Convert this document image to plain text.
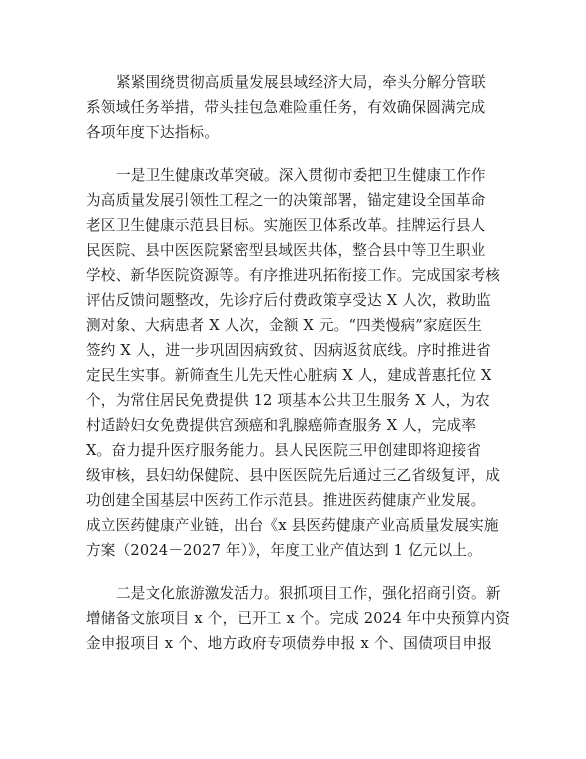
紧紧围绕贯彻高质量发展县域经济大局，牵头分解分管联
系领域任务举措，带头挂包急难险重任务，有效确保圆满完成
各项年度下达指标。

一是卫生健康改革突破。深入贯彻市委把卫生健康工作作
为高质量发展引领性工程之一的决策部署，锚定建设全国革命
老区卫生健康示范县目标。实施医卫体系改革。挂牌运行县人
民医院、县中医医院紧密型县域医共体，整合县中等卫生职业
学校、新华医院资源等。有序推进巩拓衔接工作。完成国家考核
评估反馈问题整改，先诊疗后付费政策享受达 X 人次，救助监
测对象、大病患者 X 人次，金额 X 元。“四类慢病”家庭医生
签约 X 人，进一步巩固因病致贫、因病返贫底线。序时推进省
定民生实事。新筛查生儿先天性心脏病 X 人，建成普惠托位 X
个，为常住居民免费提供 12 项基本公共卫生服务 X 人，为农
村适龄妇女免费提供宫颈癌和乳腺癌筛查服务 X 人，完成率
X。奋力提升医疗服务能力。县人民医院三甲创建即将迎接省
级审核，县妇幼保健院、县中医医院先后通过三乙省级复评，成
功创建全国基层中医药工作示范县。推进医药健康产业发展。
成立医药健康产业链，出台《x 县医药健康产业高质量发展实施
方案（2024－2027 年）》，年度工业产值达到 1 亿元以上。

二是文化旅游激发活力。狠抓项目工作，强化招商引资。新
增储备文旅项目 x 个，已开工 x 个。完成 2024 年中央预算内资
金申报项目 x 个、地方政府专项债券申报 x 个、国债项目申报
